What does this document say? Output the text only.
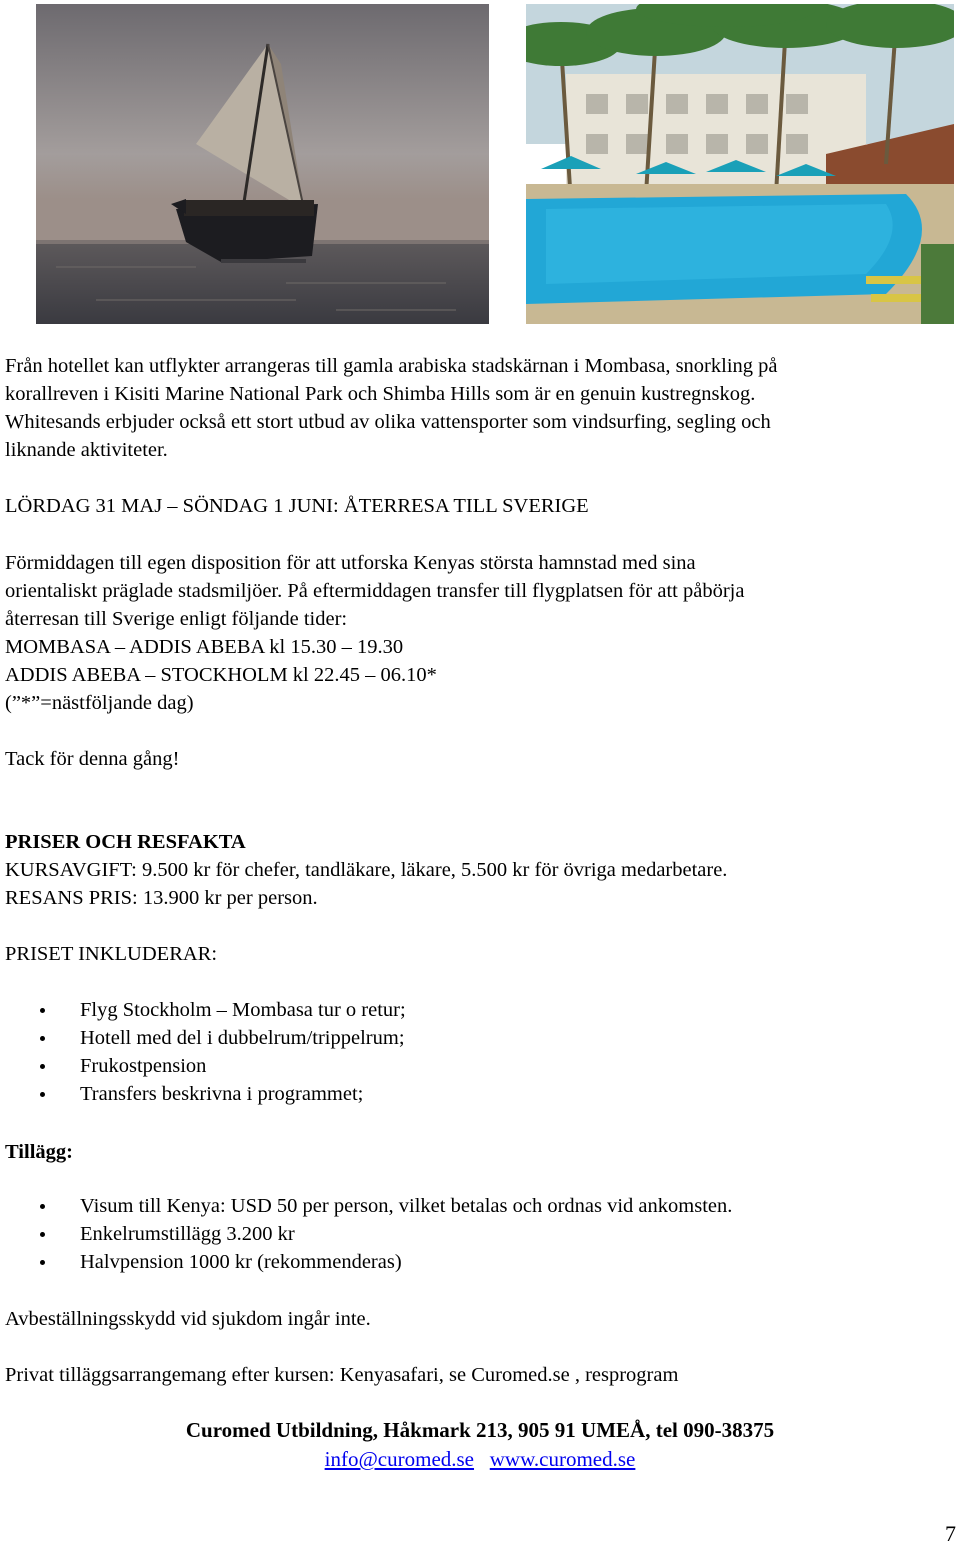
Från hotellet kan utflykter arrangeras till gamla arabiska stadskärnan i Mombasa, snorkling på
korallreven i Kisiti Marine National Park och Shimba Hills som är en genuin kustregnskog.
Whitesands erbjuder också ett stort utbud av olika vattensporter som vindsurfing, segling och
liknande aktiviteter.

LÖRDAG 31 MAJ – SÖNDAG 1 JUNI: ÅTERRESA TILL SVERIGE

Förmiddagen till egen disposition för att utforska Kenyas största hamnstad med sina
orientaliskt präglade stadsmiljöer. På eftermiddagen transfer till flygplatsen för att påbörja
återresan till Sverige enligt följande tider:
MOMBASA – ADDIS ABEBA kl 15.30 – 19.30
ADDIS ABEBA – STOCKHOLM kl 22.45 – 06.10*
(”*”=nästföljande dag)

Tack för denna gång!

PRISER OCH RESFAKTA

KURSAVGIFT: 9.500 kr för chefer, tandläkare, läkare, 5.500 kr för övriga medarbetare.

RESANS PRIS: 13.900 kr per person.

PRISET INKLUDERAR:

Flyg Stockholm – Mombasa tur o retur;
Hotell med del i dubbelrum/trippelrum;
Frukostpension
Transfers beskrivna i programmet;

Tillägg:

Visum till Kenya: USD 50 per person, vilket betalas och ordnas vid ankomsten.
Enkelrumstillägg 3.200 kr
Halvpension 1000 kr (rekommenderas)

Avbeställningsskydd vid sjukdom ingår inte.

Privat tilläggsarrangemang efter kursen: Kenyasafari, se Curomed.se , resprogram

Curomed Utbildning, Håkmark 213, 905 91 UMEÅ, tel 090-38375
info@curomed.se www.curomed.se
7
